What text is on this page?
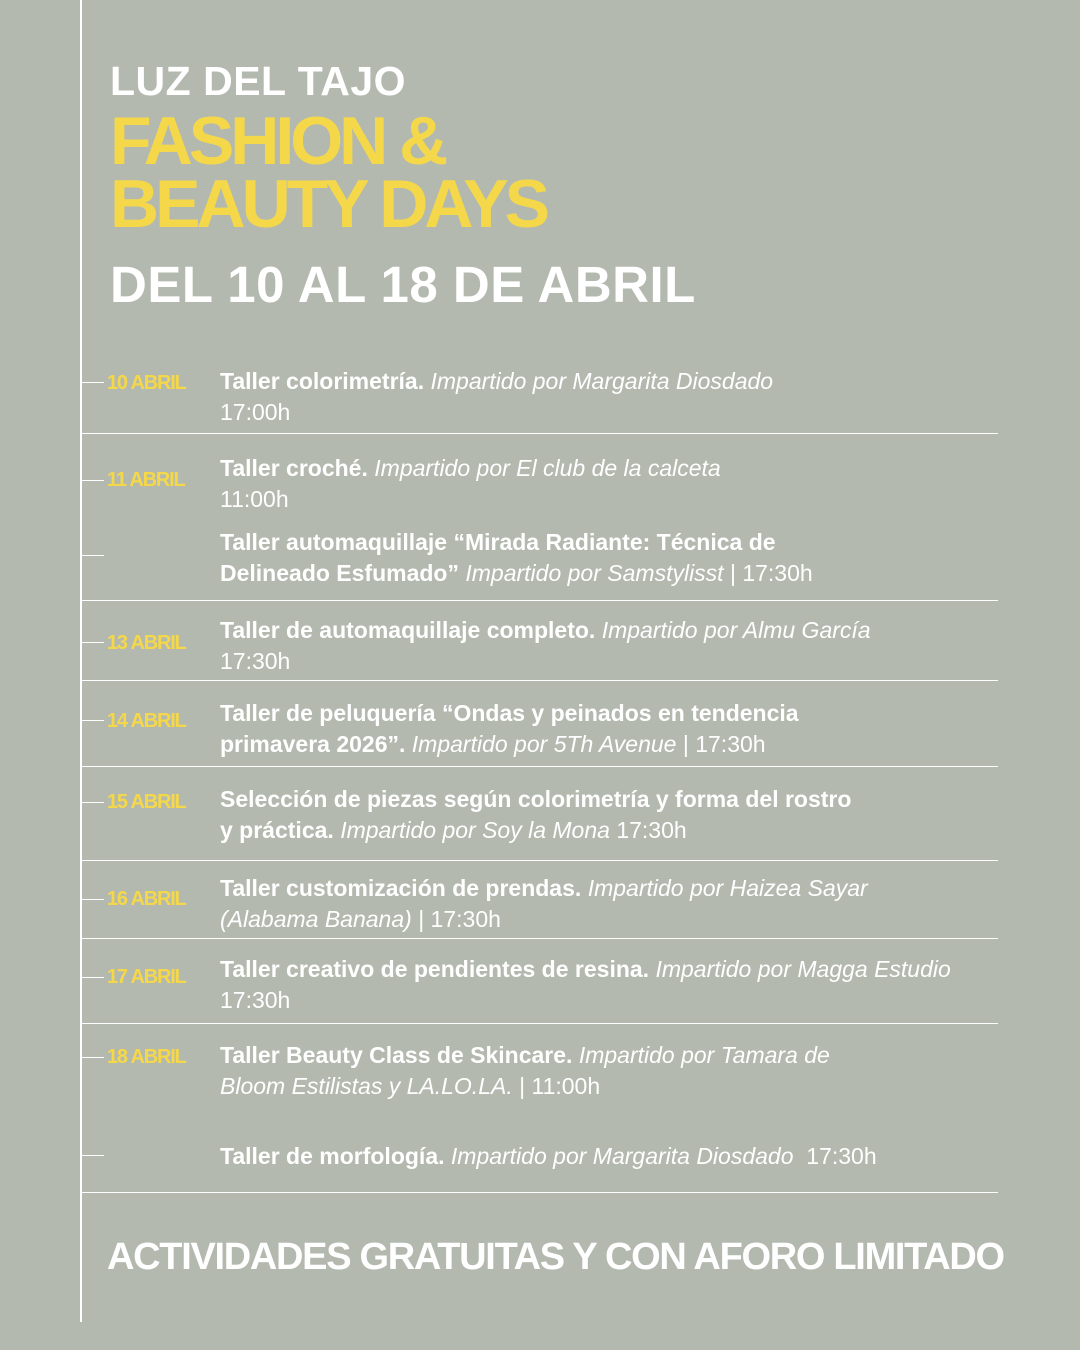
LUZ DEL TAJO
FASHION &
BEAUTY DAYS
DEL 10 AL 18 DE ABRIL
10 ABRIL Taller colorimetría. Impartido por Margarita Diosdado
17:00h
11 ABRIL Taller croché. Impartido por El club de la calceta
11:00h
Taller automaquillaje “Mirada Radiante: Técnica de
Delineado Esfumado” Impartido por Samstylisst | 17:30h
13 ABRIL Taller de automaquillaje completo. Impartido por Almu García
17:30h
14 ABRIL Taller de peluquería “Ondas y peinados en tendencia
primavera 2026”. Impartido por 5Th Avenue | 17:30h
15 ABRIL Selección de piezas según colorimetría y forma del rostro
y práctica. Impartido por Soy la Mona 17:30h
16 ABRIL Taller customización de prendas. Impartido por Haizea Sayar
(Alabama Banana) | 17:30h
17 ABRIL Taller creativo de pendientes de resina. Impartido por Magga Estudio
17:30h
18 ABRIL Taller Beauty Class de Skincare. Impartido por Tamara de
Bloom Estilistas y LA.LO.LA. | 11:00h
Taller de morfología. Impartido por Margarita Diosdado 17:30h

ACTIVIDADES GRATUITAS Y CON AFORO LIMITADO
